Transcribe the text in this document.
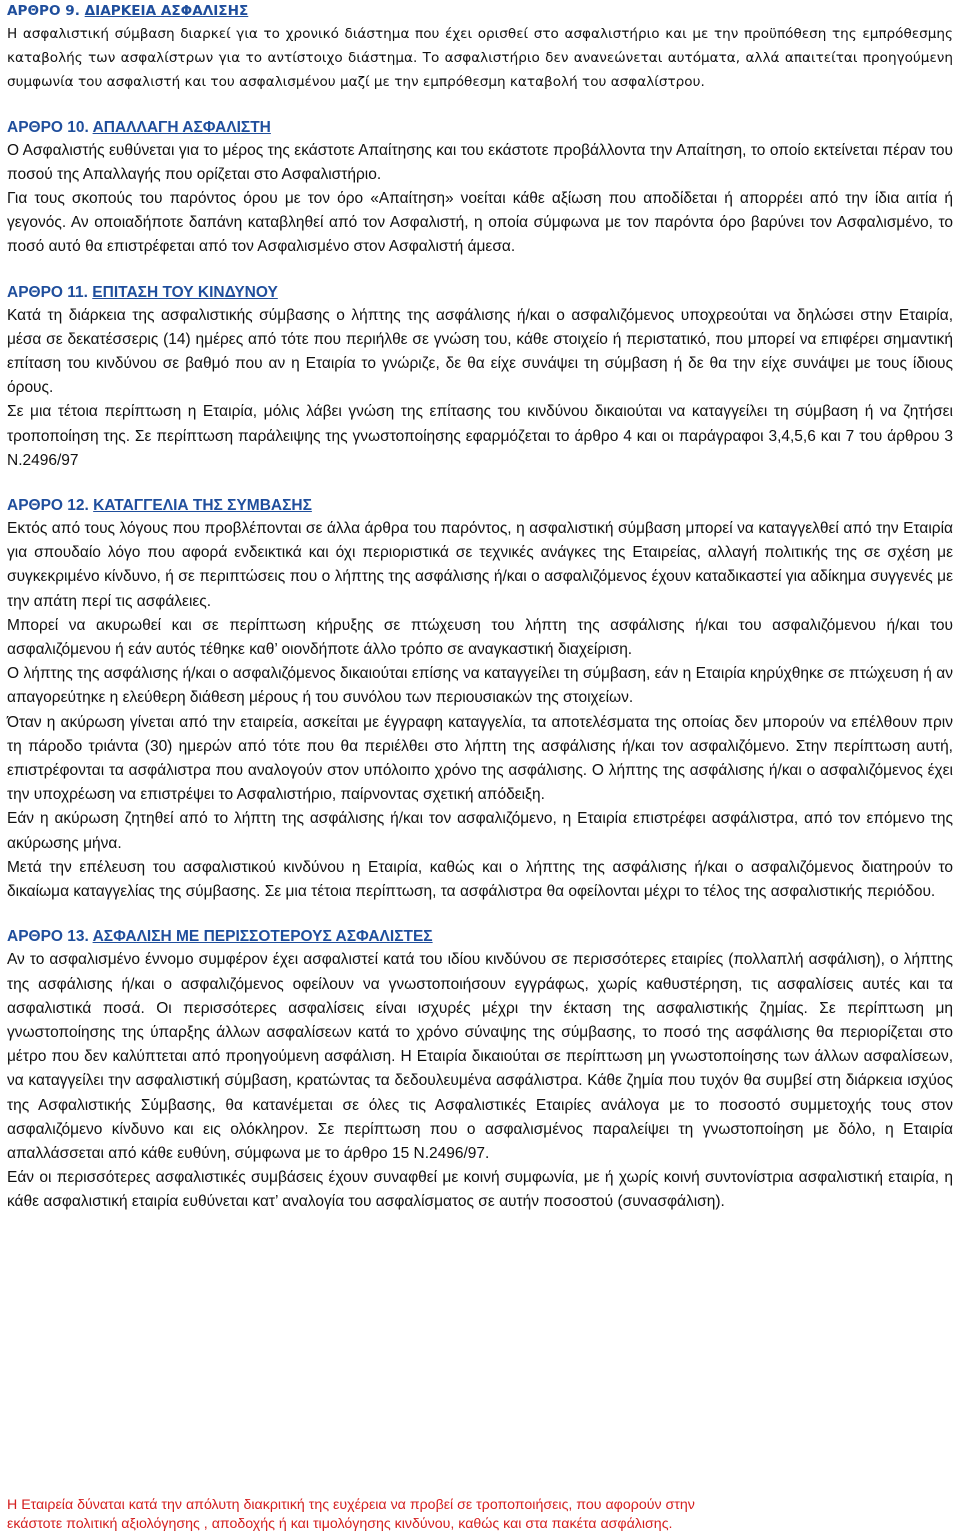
ΑΡΘΡΟ 9. ΔΙΑΡΚΕΙΑ ΑΣΦΑΛΙΣΗΣ

Η ασφαλιστική σύμβαση διαρκεί για το χρονικό διάστημα που έχει ορισθεί στο ασφαλιστήριο και με την προϋπόθεση της εμπρόθεσμης καταβολής των ασφαλίστρων για το αντίστοιχο διάστημα. Το ασφαλιστήριο δεν ανανεώνεται αυτόματα, αλλά απαιτείται προηγούμενη συμφωνία του ασφαλιστή και του ασφαλισμένου μαζί με την εμπρόθεσμη καταβολή του ασφαλίστρου.

ΑΡΘΡΟ 10. ΑΠΑΛΛΑΓΗ ΑΣΦΑΛΙΣΤΗ

Ο Ασφαλιστής ευθύνεται για το μέρος της εκάστοτε Απαίτησης και του εκάστοτε προβάλλοντα την Απαίτηση, το οποίο εκτείνεται πέραν του ποσού της Απαλλαγής που ορίζεται στο Ασφαλιστήριο.

Για τους σκοπούς του παρόντος όρου με τον όρο «Απαίτηση» νοείται κάθε αξίωση που αποδίδεται ή απορρέει από την ίδια αιτία ή γεγονός. Αν οποιαδήποτε δαπάνη καταβληθεί από τον Ασφαλιστή, η οποία σύμφωνα με τον παρόντα όρο βαρύνει τον Ασφαλισμένο, το ποσό αυτό θα επιστρέφεται από τον Ασφαλισμένο στον Ασφαλιστή άμεσα.

ΑΡΘΡΟ 11. ΕΠΙΤΑΣΗ ΤΟΥ ΚΙΝΔΥΝΟΥ

Κατά τη διάρκεια της ασφαλιστικής σύμβασης ο λήπτης της ασφάλισης ή/και ο ασφαλιζόμενος υποχρεούται να δηλώσει στην Εταιρία, μέσα σε δεκατέσσερις (14) ημέρες από τότε που περιήλθε σε γνώση του, κάθε στοιχείο ή περιστατικό, που μπορεί να επιφέρει σημαντική επίταση του κινδύνου σε βαθμό που αν η Εταιρία το γνώριζε, δε θα είχε συνάψει τη σύμβαση ή δε θα την είχε συνάψει με τους ίδιους όρους.

Σε μια τέτοια περίπτωση η Εταιρία, μόλις λάβει γνώση της επίτασης του κινδύνου δικαιούται να καταγγείλει τη σύμβαση ή να ζητήσει τροποποίηση της. Σε περίπτωση παράλειψης της γνωστοποίησης εφαρμόζεται το άρθρο 4 και οι παράγραφοι 3,4,5,6 και 7 του άρθρου 3 Ν.2496/97

ΑΡΘΡΟ 12. ΚΑΤΑΓΓΕΛΙΑ ΤΗΣ ΣΥΜΒΑΣΗΣ

Εκτός από τους λόγους που προβλέπονται σε άλλα άρθρα του παρόντος, η ασφαλιστική σύμβαση μπορεί να καταγγελθεί από την Εταιρία για σπουδαίο λόγο που αφορά ενδεικτικά και όχι περιοριστικά σε τεχνικές ανάγκες της Εταιρείας, αλλαγή πολιτικής της σε σχέση με συγκεκριμένο κίνδυνο, ή σε περιπτώσεις που ο λήπτης της ασφάλισης ή/και ο ασφαλιζόμενος έχουν καταδικαστεί για αδίκημα συγγενές με την απάτη περί τις ασφάλειες.

Μπορεί να ακυρωθεί και σε περίπτωση κήρυξης σε πτώχευση του λήπτη της ασφάλισης ή/και του ασφαλιζόμενου ή/και του ασφαλιζόμενου ή εάν αυτός τέθηκε καθ’ οιονδήποτε άλλο τρόπο σε αναγκαστική διαχείριση.

Ο λήπτης της ασφάλισης ή/και ο ασφαλιζόμενος δικαιούται επίσης να καταγγείλει τη σύμβαση, εάν η Εταιρία κηρύχθηκε σε πτώχευση ή αν απαγορεύτηκε η ελεύθερη διάθεση μέρους ή του συνόλου των περιουσιακών της στοιχείων.

Όταν η ακύρωση γίνεται από την εταιρεία, ασκείται με έγγραφη καταγγελία, τα αποτελέσματα της οποίας δεν μπορούν να επέλθουν πριν τη πάροδο τριάντα (30) ημερών από τότε που θα περιέλθει στο λήπτη της ασφάλισης ή/και τον ασφαλιζόμενο. Στην περίπτωση αυτή, επιστρέφονται τα ασφάλιστρα που αναλογούν στον υπόλοιπο χρόνο της ασφάλισης. Ο λήπτης της ασφάλισης ή/και ο ασφαλιζόμενος έχει την υποχρέωση να επιστρέψει το Ασφαλιστήριο, παίρνοντας σχετική απόδειξη.

Εάν η ακύρωση ζητηθεί από το λήπτη της ασφάλισης ή/και τον ασφαλιζόμενο, η Εταιρία επιστρέφει ασφάλιστρα, από τον επόμενο της ακύρωσης μήνα.

Μετά την επέλευση του ασφαλιστικού κινδύνου η Εταιρία, καθώς και ο λήπτης της ασφάλισης ή/και ο ασφαλιζόμενος διατηρούν το δικαίωμα καταγγελίας της σύμβασης. Σε μια τέτοια περίπτωση, τα ασφάλιστρα θα οφείλονται μέχρι το τέλος της ασφαλιστικής περιόδου.

ΑΡΘΡΟ 13. ΑΣΦΑΛΙΣΗ ΜΕ ΠΕΡΙΣΣΟΤΕΡΟΥΣ ΑΣΦΑΛΙΣΤΕΣ

Αν το ασφαλισμένο έννομο συμφέρον έχει ασφαλιστεί κατά του ιδίου κινδύνου σε περισσότερες εταιρίες (πολλαπλή ασφάλιση), ο λήπτης της ασφάλισης ή/και ο ασφαλιζόμενος οφείλουν να γνωστοποιήσουν εγγράφως, χωρίς καθυστέρηση, τις ασφαλίσεις αυτές και τα ασφαλιστικά ποσά. Οι περισσότερες ασφαλίσεις είναι ισχυρές μέχρι την έκταση της ασφαλιστικής ζημίας. Σε περίπτωση μη γνωστοποίησης της ύπαρξης άλλων ασφαλίσεων κατά το χρόνο σύναψης της σύμβασης, το ποσό της ασφάλισης θα περιορίζεται στο μέτρο που δεν καλύπτεται από προηγούμενη ασφάλιση. Η Εταιρία δικαιούται σε περίπτωση μη γνωστοποίησης των άλλων ασφαλίσεων, να καταγγείλει την ασφαλιστική σύμβαση, κρατώντας τα δεδουλευμένα ασφάλιστρα. Κάθε ζημία που τυχόν θα συμβεί στη διάρκεια ισχύος της Ασφαλιστικής Σύμβασης, θα κατανέμεται σε όλες τις Ασφαλιστικές Εταιρίες ανάλογα με το ποσοστό συμμετοχής τους στον ασφαλιζόμενο κίνδυνο και εις ολόκληρον. Σε περίπτωση που ο ασφαλισμένος παραλείψει τη γνωστοποίηση με δόλο, η Εταιρία απαλλάσσεται από κάθε ευθύνη, σύμφωνα με το άρθρο 15 Ν.2496/97.

Εάν οι περισσότερες ασφαλιστικές συμβάσεις έχουν συναφθεί με κοινή συμφωνία, με ή χωρίς κοινή συντονίστρια ασφαλιστική εταιρία, η κάθε ασφαλιστική εταιρία ευθύνεται κατ’ αναλογία του ασφαλίσματος σε αυτήν ποσοστού (συνασφάλιση).

Η Εταιρεία δύναται κατά την απόλυτη διακριτική της ευχέρεια να προβεί σε τροποποιήσεις, που αφορούν στην

εκάστοτε πολιτική αξιολόγησης , αποδοχής ή και τιμολόγησης κινδύνου, καθώς και στα πακέτα ασφάλισης.
